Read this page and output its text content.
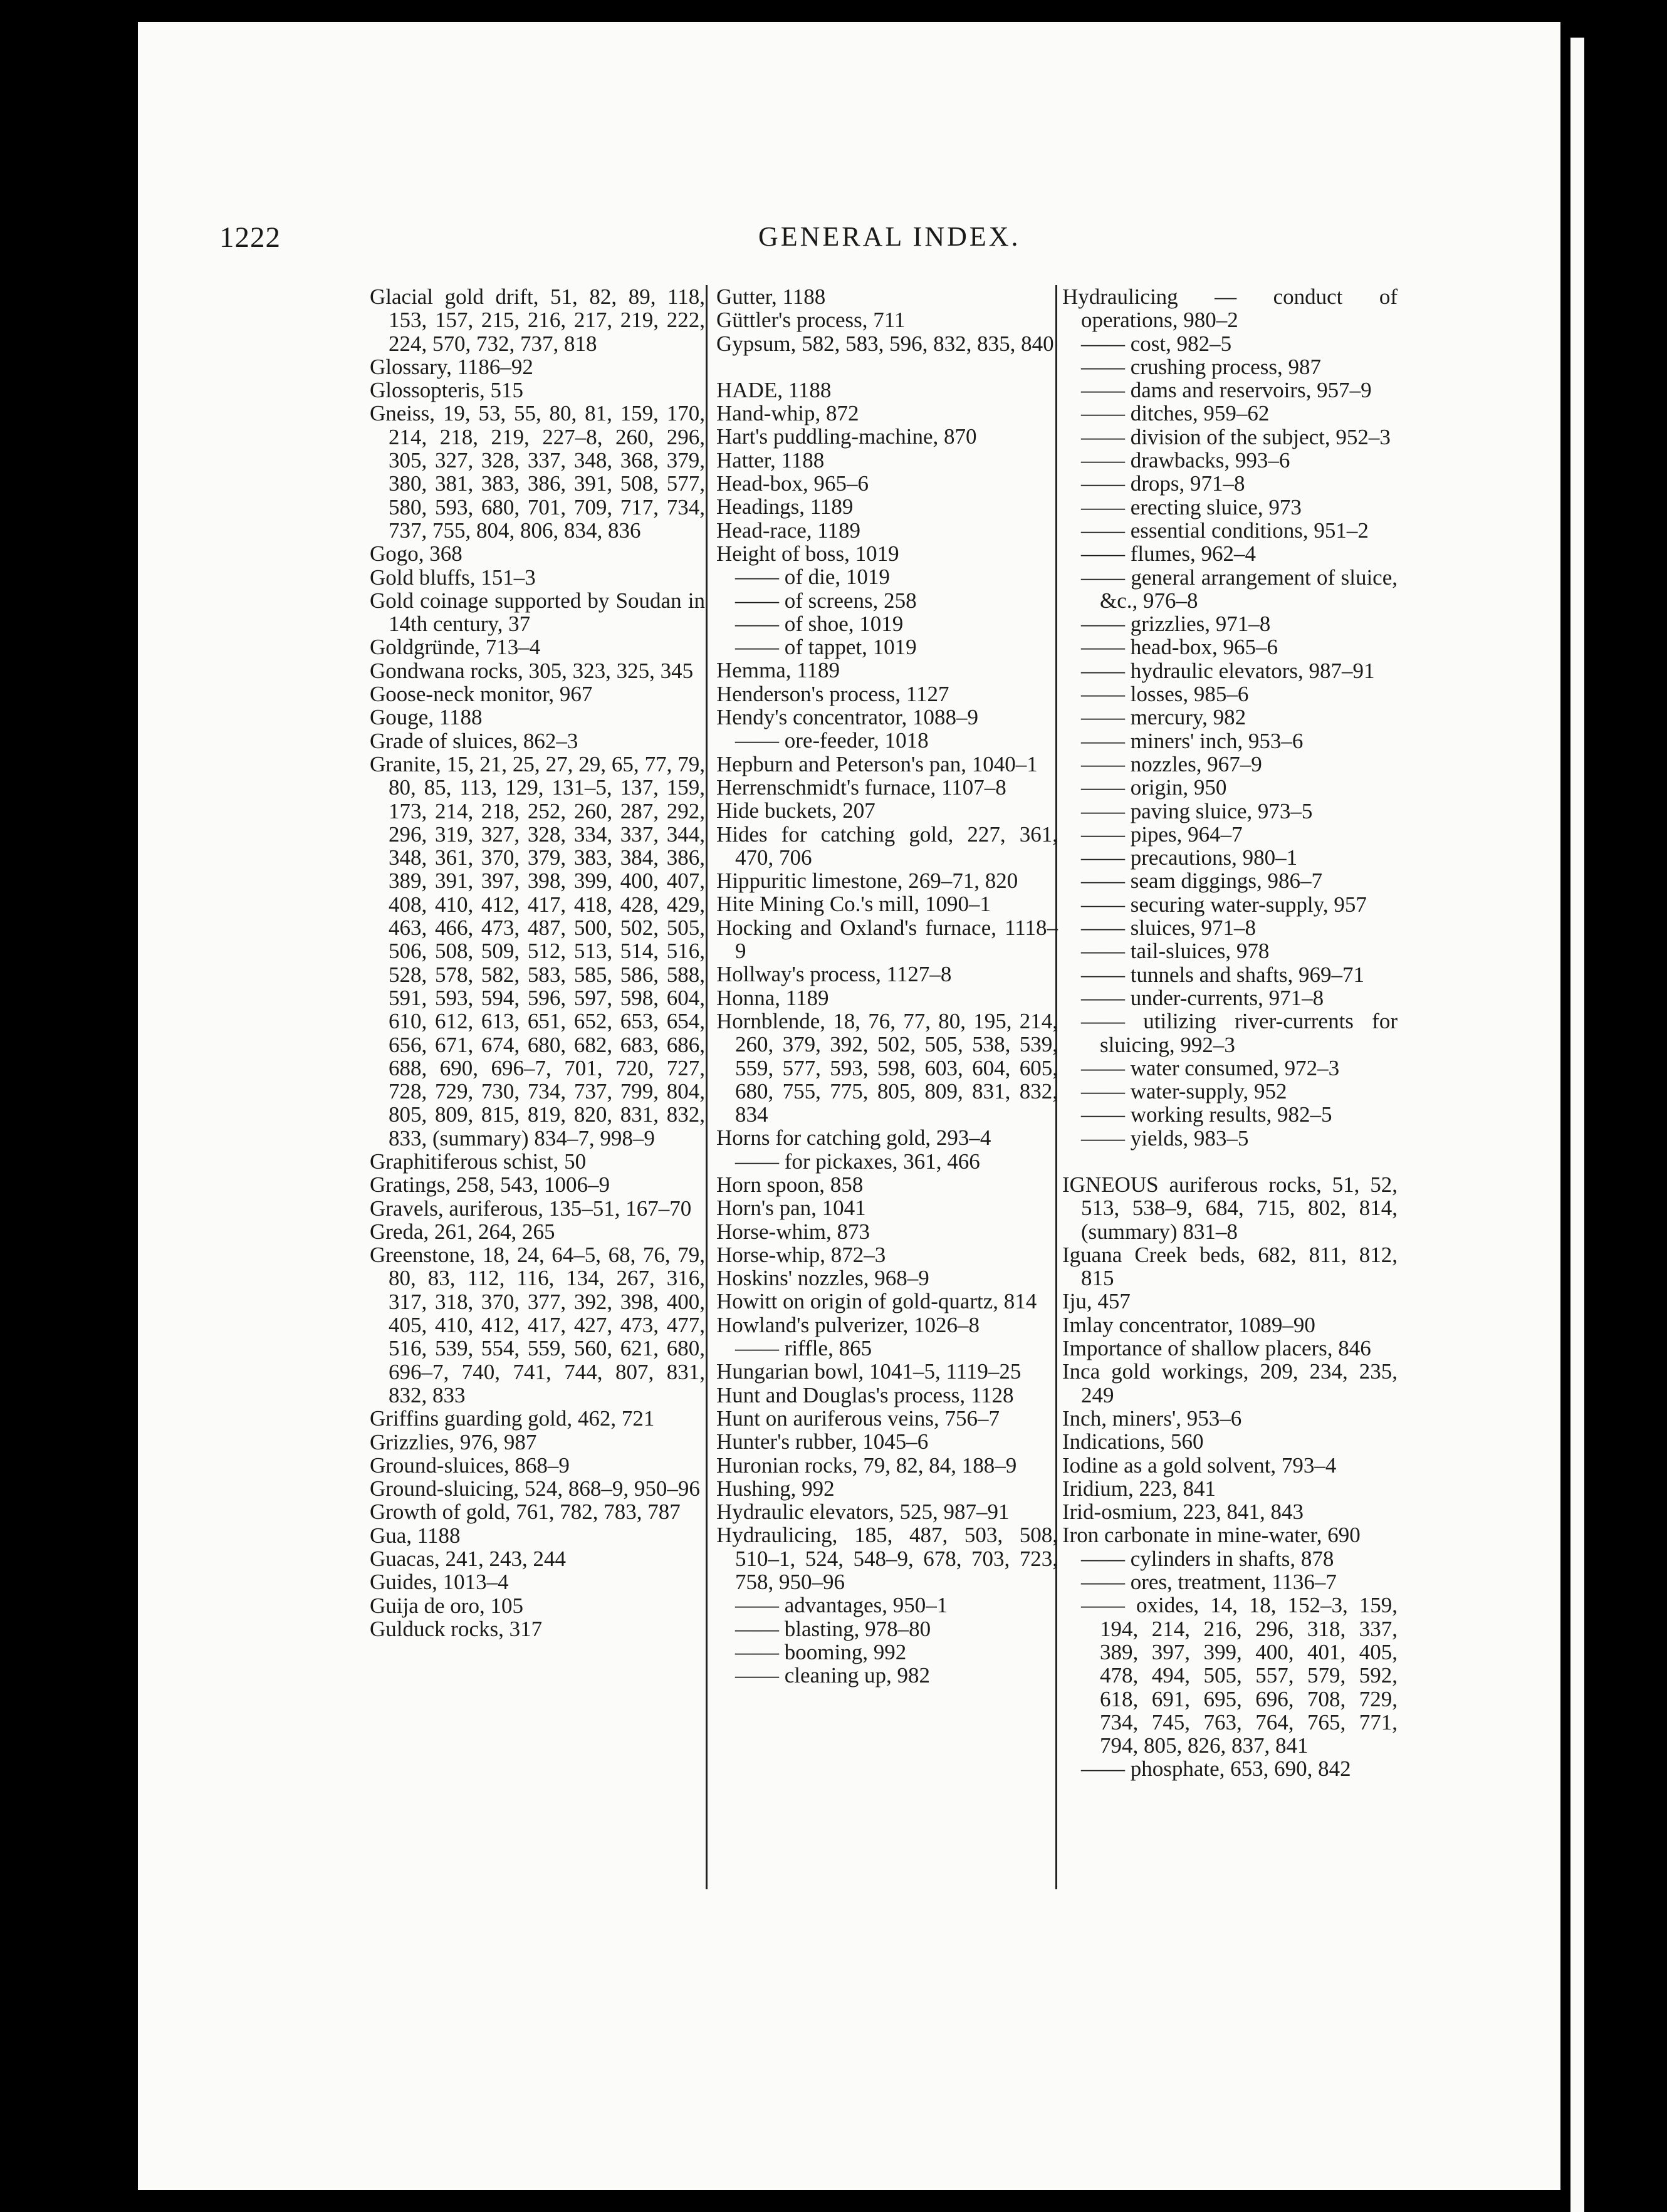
1222	GENERAL INDEX.
Glacial gold drift, 51, 82, 89, 118, 153, 157, 215, 216, 217, 219, 222, 224, 570, 732, 737, 818
Glossary, 1186–92
Glossopteris, 515
Gneiss, 19, 53, 55, 80, 81, 159, 170, 214, 218, 219, 227–8, 260, 296, 305, 327, 328, 337, 348, 368, 379, 380, 381, 383, 386, 391, 508, 577, 580, 593, 680, 701, 709, 717, 734, 737, 755, 804, 806, 834, 836
Gogo, 368
Gold bluffs, 151–3
Gold coinage supported by Soudan in 14th century, 37
Goldgründe, 713–4
Gondwana rocks, 305, 323, 325, 345
Goose-neck monitor, 967
Gouge, 1188
Grade of sluices, 862–3
Granite, 15, 21, 25, 27, 29, 65, 77, 79, 80, 85, 113, 129, 131–5, 137, 159, 173, 214, 218, 252, 260, 287, 292, 296, 319, 327, 328, 334, 337, 344, 348, 361, 370, 379, 383, 384, 386, 389, 391, 397, 398, 399, 400, 407, 408, 410, 412, 417, 418, 428, 429, 463, 466, 473, 487, 500, 502, 505, 506, 508, 509, 512, 513, 514, 516, 528, 578, 582, 583, 585, 586, 588, 591, 593, 594, 596, 597, 598, 604, 610, 612, 613, 651, 652, 653, 654, 656, 671, 674, 680, 682, 683, 686, 688, 690, 696–7, 701, 720, 727, 728, 729, 730, 734, 737, 799, 804, 805, 809, 815, 819, 820, 831, 832, 833, (summary) 834–7, 998–9
Graphitiferous schist, 50
Gratings, 258, 543, 1006–9
Gravels, auriferous, 135–51, 167–70
Greda, 261, 264, 265
Greenstone, 18, 24, 64–5, 68, 76, 79, 80, 83, 112, 116, 134, 267, 316, 317, 318, 370, 377, 392, 398, 400, 405, 410, 412, 417, 427, 473, 477, 516, 539, 554, 559, 560, 621, 680, 696–7, 740, 741, 744, 807, 831, 832, 833
Griffins guarding gold, 462, 721
Grizzlies, 976, 987
Ground-sluices, 868–9
Ground-sluicing, 524, 868–9, 950–96
Growth of gold, 761, 782, 783, 787
Gua, 1188
Guacas, 241, 243, 244
Guides, 1013–4
Guija de oro, 105
Gulduck rocks, 317
Gutter, 1188
Güttler's process, 711
Gypsum, 582, 583, 596, 832, 835, 840
HADE, 1188
Hand-whip, 872
Hart's puddling-machine, 870
Hatter, 1188
Head-box, 965–6
Headings, 1189
Head-race, 1189
Height of boss, 1019
—— of die, 1019
—— of screens, 258
—— of shoe, 1019
—— of tappet, 1019
Hemma, 1189
Henderson's process, 1127
Hendy's concentrator, 1088–9
—— ore-feeder, 1018
Hepburn and Peterson's pan, 1040–1
Herrenschmidt's furnace, 1107–8
Hide buckets, 207
Hides for catching gold, 227, 361, 470, 706
Hippuritic limestone, 269–71, 820
Hite Mining Co.'s mill, 1090–1
Hocking and Oxland's furnace, 1118–9
Hollway's process, 1127–8
Honna, 1189
Hornblende, 18, 76, 77, 80, 195, 214, 260, 379, 392, 502, 505, 538, 539, 559, 577, 593, 598, 603, 604, 605, 680, 755, 775, 805, 809, 831, 832, 834
Horns for catching gold, 293–4
—— for pickaxes, 361, 466
Horn spoon, 858
Horn's pan, 1041
Horse-whim, 873
Horse-whip, 872–3
Hoskins' nozzles, 968–9
Howitt on origin of gold-quartz, 814
Howland's pulverizer, 1026–8
—— riffle, 865
Hungarian bowl, 1041–5, 1119–25
Hunt and Douglas's process, 1128
Hunt on auriferous veins, 756–7
Hunter's rubber, 1045–6
Huronian rocks, 79, 82, 84, 188–9
Hushing, 992
Hydraulic elevators, 525, 987–91
Hydraulicing, 185, 487, 503, 508, 510–1, 524, 548–9, 678, 703, 723, 758, 950–96
—— advantages, 950–1
—— blasting, 978–80
—— booming, 992
—— cleaning up, 982
Hydraulicing — conduct of operations, 980–2
—— cost, 982–5
—— crushing process, 987
—— dams and reservoirs, 957–9
—— ditches, 959–62
—— division of the subject, 952–3
—— drawbacks, 993–6
—— drops, 971–8
—— erecting sluice, 973
—— essential conditions, 951–2
—— flumes, 962–4
—— general arrangement of sluice, &c., 976–8
—— grizzlies, 971–8
—— head-box, 965–6
—— hydraulic elevators, 987–91
—— losses, 985–6
—— mercury, 982
—— miners' inch, 953–6
—— nozzles, 967–9
—— origin, 950
—— paving sluice, 973–5
—— pipes, 964–7
—— precautions, 980–1
—— seam diggings, 986–7
—— securing water-supply, 957
—— sluices, 971–8
—— tail-sluices, 978
—— tunnels and shafts, 969–71
—— under-currents, 971–8
—— utilizing river-currents for sluicing, 992–3
—— water consumed, 972–3
—— water-supply, 952
—— working results, 982–5
—— yields, 983–5
IGNEOUS auriferous rocks, 51, 52, 513, 538–9, 684, 715, 802, 814, (summary) 831–8
Iguana Creek beds, 682, 811, 812, 815
Iju, 457
Imlay concentrator, 1089–90
Importance of shallow placers, 846
Inca gold workings, 209, 234, 235, 249
Inch, miners', 953–6
Indications, 560
Iodine as a gold solvent, 793–4
Iridium, 223, 841
Irid-osmium, 223, 841, 843
Iron carbonate in mine-water, 690
—— cylinders in shafts, 878
—— ores, treatment, 1136–7
—— oxides, 14, 18, 152–3, 159, 194, 214, 216, 296, 318, 337, 389, 397, 399, 400, 401, 405, 478, 494, 505, 557, 579, 592, 618, 691, 695, 696, 708, 729, 734, 745, 763, 764, 765, 771, 794, 805, 826, 837, 841
—— phosphate, 653, 690, 842
